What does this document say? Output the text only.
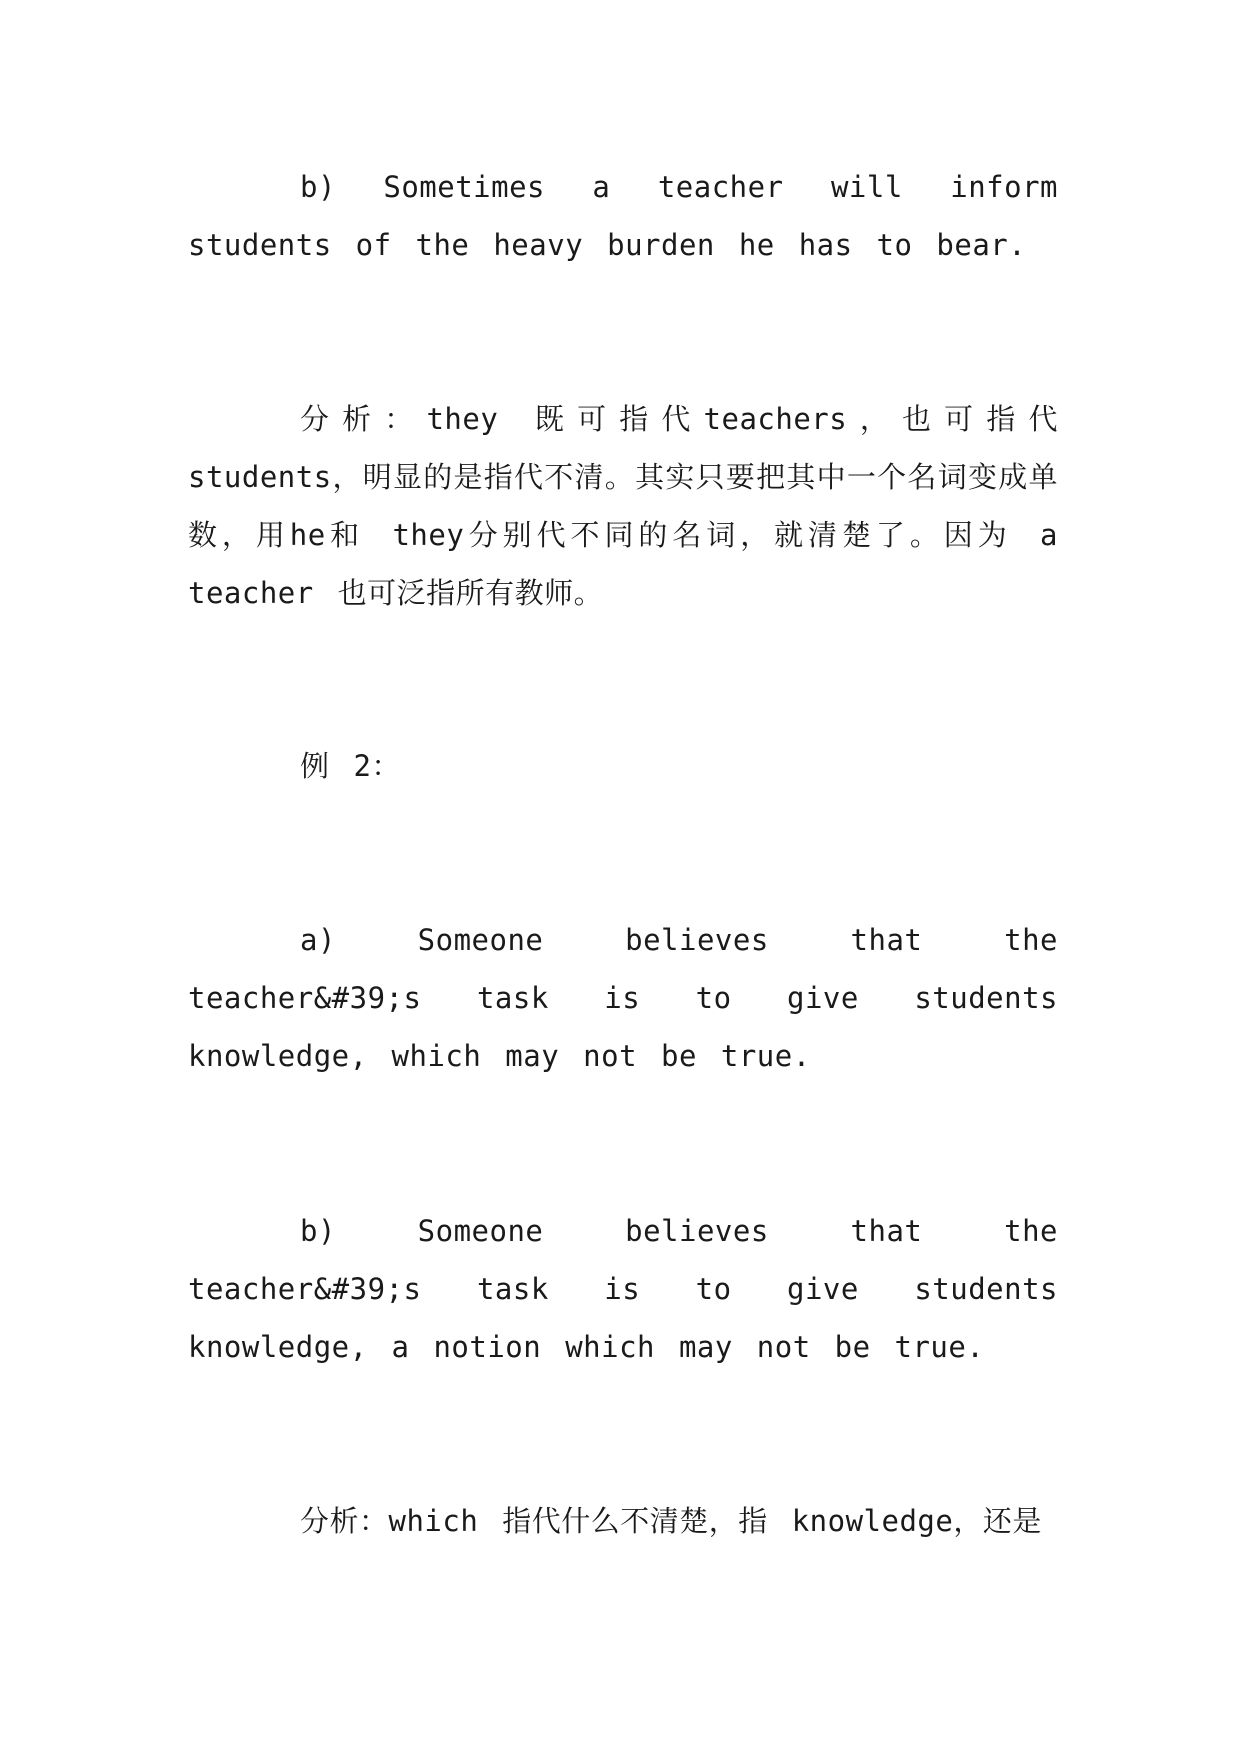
b) Sometimes a teacher will inform students of the heavy burden he has to bear.

分析：they 既可指代teachers，也可指代 students，明显的是指代不清。其实只要把其中一个名词变成单数，用he和 they分别代不同的名词，就清楚了。因为 a teacher 也可泛指所有教师。

例 2：

a) Someone believes that the teacher&#39;s task is to give students knowledge, which may not be true.

b) Someone believes that the teacher&#39;s task is to give students knowledge, a notion which may not be true.

分析：which 指代什么不清楚，指 knowledge，还是
